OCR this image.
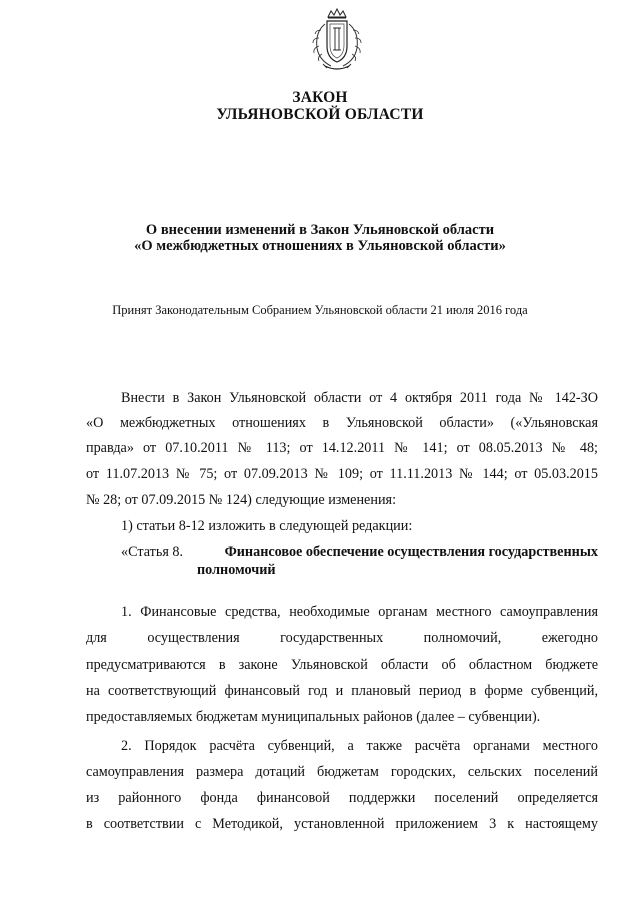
ЗАКОН
УЛЬЯНОВСКОЙ ОБЛАСТИ
О внесении изменений в Закон Ульяновской области
«О межбюджетных отношениях в Ульяновской области»
Принят Законодательным Собранием Ульяновской области 21 июля 2016 года
Внести в Закон Ульяновской области от 4 октября 2011 года № 142-ЗО
«О межбюджетных отношениях в Ульяновской области» («Ульяновская
правда» от 07.10.2011 № 113; от 14.12.2011 № 141; от 08.05.2013 № 48;
от 11.07.2013 № 75; от 07.09.2013 № 109; от 11.11.2013 № 144; от 05.03.2015
№ 28; от 07.09.2015 № 124) следующие изменения:
1) статьи 8-12 изложить в следующей редакции:
«Статья 8.	Финансовое обеспечение осуществления государственных
полномочий
1. Финансовые средства, необходимые органам местного самоуправления
для осуществления государственных полномочий, ежегодно
предусматриваются в законе Ульяновской области об областном бюджете
на соответствующий финансовый год и плановый период в форме субвенций,
предоставляемых бюджетам муниципальных районов (далее – субвенции).
2. Порядок расчёта субвенций, а также расчёта органами местного
самоуправления размера дотаций бюджетам городских, сельских поселений
из районного фонда финансовой поддержки поселений определяется
в соответствии с Методикой, установленной приложением 3 к настоящему
